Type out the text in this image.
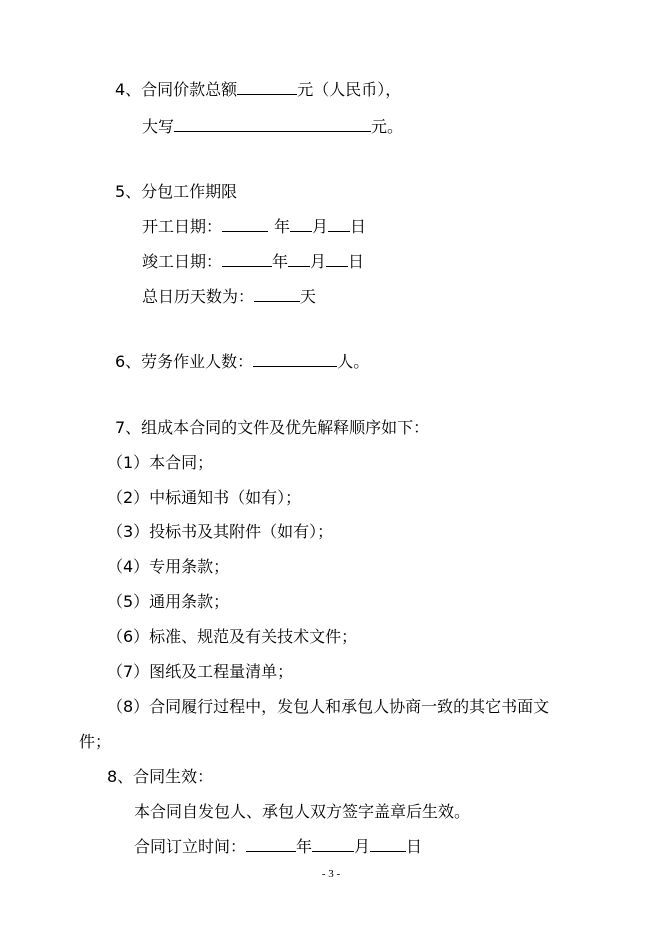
4、合同价款总额	元（人民币），
大写	元。
5、分包工作期限
开工日期：	年 月 日
竣工日期：	年 月 日
总日历天数为：	天
6、劳务作业人数：	人。
7、组成本合同的文件及优先解释顺序如下：
（1）本合同；
（2）中标通知书（如有）；
（3）投标书及其附件（如有）；
（4）专用条款；
（5）通用条款；
（6）标准、规范及有关技术文件；
（7）图纸及工程量清单；
（8）合同履行过程中，发包人和承包人协商一致的其它书面文
件；
8、合同生效：
本合同自发包人、承包人双方签字盖章后生效。
合同订立时间：	年	月 日
- 3 -
